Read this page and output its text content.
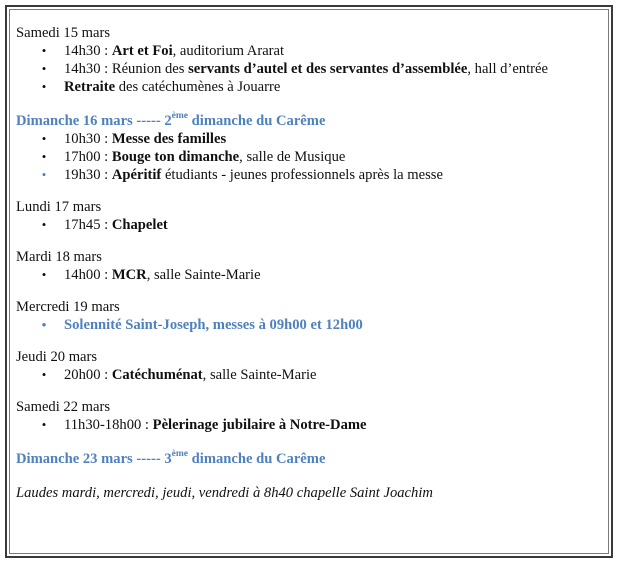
Samedi 15 mars

• 14h30 : Art et Foi, auditorium Ararat
• 14h30 : Réunion des servants d’autel et des servantes d’assemblée, hall d’entrée
• Retraite des catéchumènes à Jouarre

Dimanche 16 mars ----- 2ème dimanche du Carême

• 10h30 : Messe des familles
• 17h00 : Bouge ton dimanche, salle de Musique
• 19h30 : Apéritif étudiants - jeunes professionnels après la messe

Lundi 17 mars

• 17h45 : Chapelet

Mardi 18 mars

• 14h00 : MCR, salle Sainte-Marie

Mercredi 19 mars

• Solennité Saint-Joseph, messes à 09h00 et 12h00

Jeudi 20 mars

• 20h00 : Catéchuménat, salle Sainte-Marie

Samedi 22 mars

• 11h30-18h00 : Pèlerinage jubilaire à Notre-Dame

Dimanche 23 mars ----- 3ème dimanche du Carême

Laudes mardi, mercredi, jeudi, vendredi à 8h40 chapelle Saint Joachim
